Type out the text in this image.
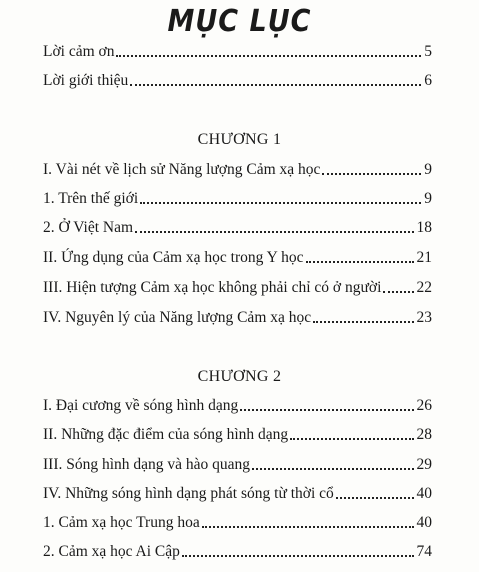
MỤC LỤC
Lời cảm ơn	5
Lời giới thiệu	6
CHƯƠNG 1
I. Vài nét về lịch sử Năng lượng Cảm xạ học	9
1. Trên thế giới	9
2. Ở Việt Nam	18
II. Ứng dụng của Cảm xạ học trong Y học	21
III. Hiện tượng Cảm xạ học không phải chỉ có ở người 22
IV. Nguyên lý của Năng lượng Cảm xạ học	23
CHƯƠNG 2
I. Đại cương về sóng hình dạng	26
II. Những đặc điểm của sóng hình dạng	28
III. Sóng hình dạng và hào quang	29
IV. Những sóng hình dạng phát sóng từ thời cổ	40
1. Cảm xạ học Trung hoa	40
2. Cảm xạ học Ai Cập	74
